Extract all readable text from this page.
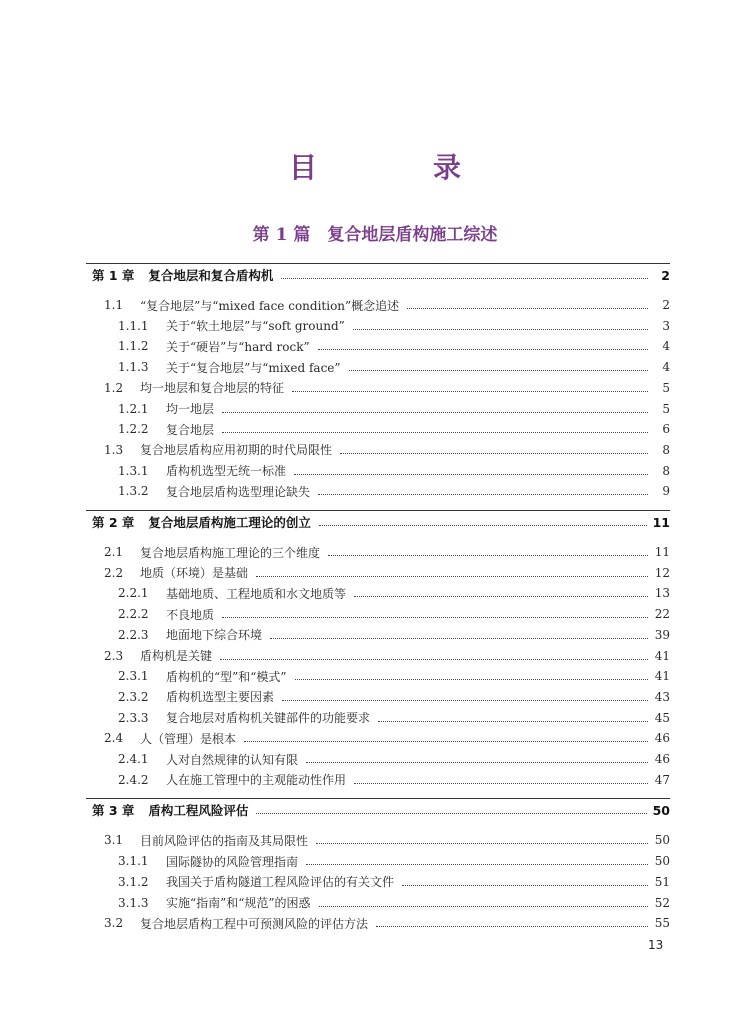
目　录
第 1 篇　复合地层盾构施工综述
第 1 章	复合地层和复合盾构机	2
1.1	“复合地层”与“mixed face condition”概念追述	2
1.1.1	关于“软土地层”与“soft ground”	3
1.1.2	关于“硬岩”与“hard rock”	4
1.1.3	关于“复合地层”与“mixed face”	4
1.2	均一地层和复合地层的特征	5
1.2.1	均一地层	5
1.2.2	复合地层	6
1.3	复合地层盾构应用初期的时代局限性	8
1.3.1	盾构机选型无统一标准	8
1.3.2	复合地层盾构选型理论缺失	9
第 2 章	复合地层盾构施工理论的创立	11
2.1	复合地层盾构施工理论的三个维度	11
2.2	地质（环境）是基础	12
2.2.1	基础地质、工程地质和水文地质等	13
2.2.2	不良地质	22
2.2.3	地面地下综合环境	39
2.3	盾构机是关键	41
2.3.1	盾构机的“型”和“模式”	41
2.3.2	盾构机选型主要因素	43
2.3.3	复合地层对盾构机关键部件的功能要求	45
2.4	人（管理）是根本	46
2.4.1	人对自然规律的认知有限	46
2.4.2	人在施工管理中的主观能动性作用	47
第 3 章	盾构工程风险评估	50
3.1	目前风险评估的指南及其局限性	50
3.1.1	国际隧协的风险管理指南	50
3.1.2	我国关于盾构隧道工程风险评估的有关文件	51
3.1.3	实施“指南”和“规范”的困惑	52
3.2	复合地层盾构工程中可预测风险的评估方法	55
13
